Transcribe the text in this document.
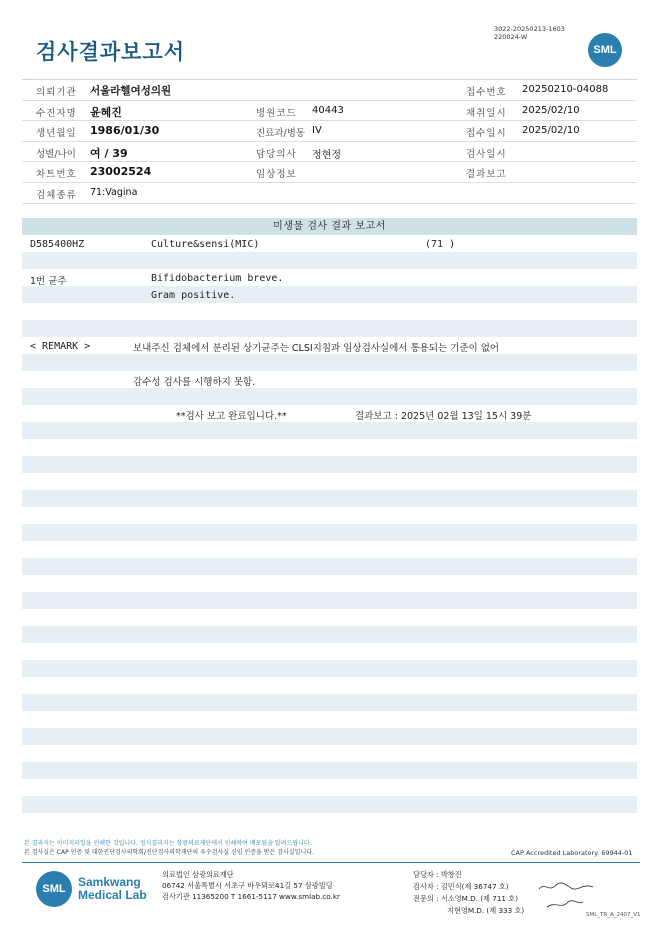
검사결과보고서
3022-20250213-1603
220024-W
SML
의뢰기관 서울라헬여성의원	접수번호 20250210-04088
수진자명 윤혜진	병원코드 40443	채취일시 2025/02/10
생년월일 1986/01/30	진료과/병동 IV	접수일시 2025/02/10
성별/나이 여 / 39	담당의사 정현정	검사일시
차트번호 23002524	임상정보	결과보고
검체종류 71:Vagina
미생물 검사 결과 보고서
D585400HZ	Culture&sensi(MIC)	(71 )
1번 균주	Bifidobacterium breve.
Gram positive.
< REMARK >	보내주신 검체에서 분리된 상기균주는 CLSI지침과 임상검사실에서 통용되는 기준이 없어
감수성 검사를 시행하지 못함.
**검사 보고 완료입니다.**	결과보고 : 2025년 02월 13일 15시 39분
본 결과지는 이미지파일을 인쇄한 것입니다. 정식결과지는 삼광의료재단에서 인쇄하여 배포됨을 알려드립니다.
본 검사실은 CAP 인증 및 대한진단검사의학회/진단검사의학재단의 우수검사실 신임 인증을 받은 검사실입니다.	CAP Accredited Laboratory. 69944-01
SML	Samkwang
Medical Lab
의료법인 삼광의료재단
06742 서울특별시 서초구 바우뫼로41길 57 삼광빌딩
검사기관 11365200 T 1661-5117 www.smlab.co.kr
담당자 : 박창진
검사자 : 김민식(제 36747 호)
전문의 : 서소영M.D. (제 711 호)
지현영M.D. (제 333 호)	SML_TR_A_2407_V1
